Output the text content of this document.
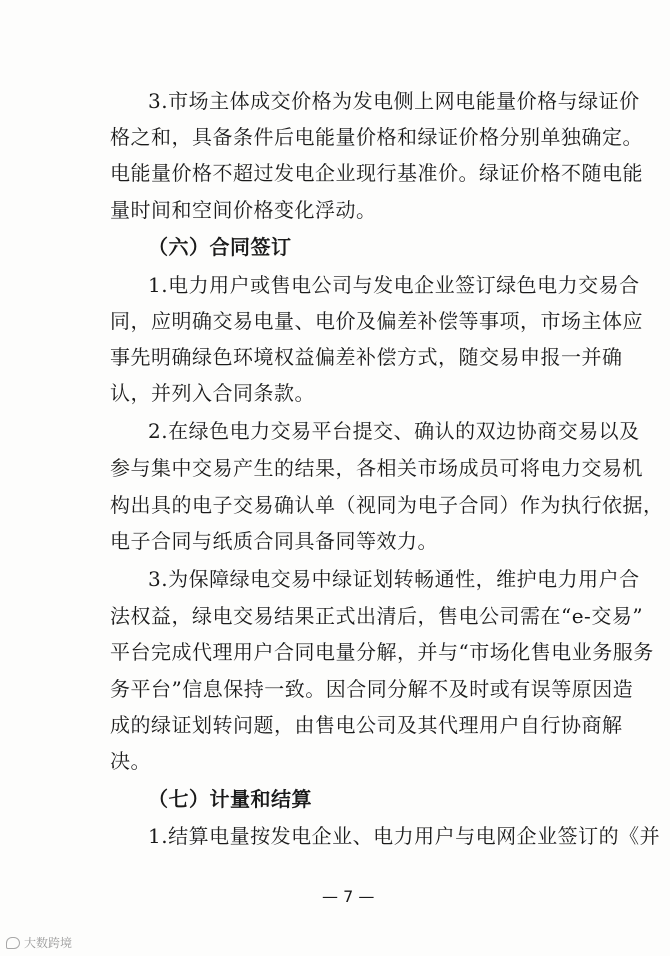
3.市场主体成交价格为发电侧上网电能量价格与绿证价
格之和，具备条件后电能量价格和绿证价格分别单独确定。
电能量价格不超过发电企业现行基准价。绿证价格不随电能
量时间和空间价格变化浮动。
（六）合同签订
1.电力用户或售电公司与发电企业签订绿色电力交易合
同，应明确交易电量、电价及偏差补偿等事项，市场主体应
事先明确绿色环境权益偏差补偿方式，随交易申报一并确
认，并列入合同条款。
2.在绿色电力交易平台提交、确认的双边协商交易以及
参与集中交易产生的结果，各相关市场成员可将电力交易机
构出具的电子交易确认单（视同为电子合同）作为执行依据，
电子合同与纸质合同具备同等效力。
3.为保障绿电交易中绿证划转畅通性，维护电力用户合
法权益，绿电交易结果正式出清后，售电公司需在“e-交易”
平台完成代理用户合同电量分解，并与“市场化售电业务服务
务平台”信息保持一致。因合同分解不及时或有误等原因造
成的绿证划转问题，由售电公司及其代理用户自行协商解
决。
（七）计量和结算
1.结算电量按发电企业、电力用户与电网企业签订的《并
— 7 —
大数跨境
